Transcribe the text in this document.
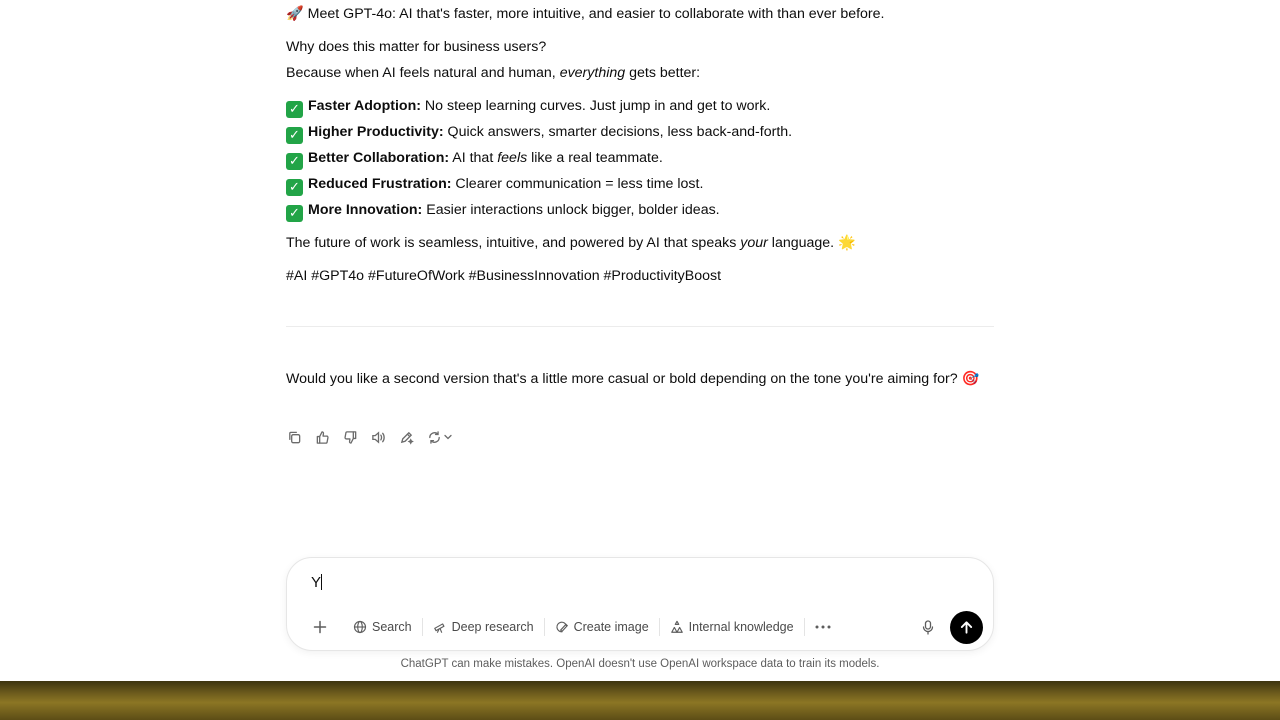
🚀 Meet GPT-4o: AI that's faster, more intuitive, and easier to collaborate with than ever before.
Why does this matter for business users?
Because when AI feels natural and human, everything gets better:
✓ Faster Adoption: No steep learning curves. Just jump in and get to work.
✓ Higher Productivity: Quick answers, smarter decisions, less back-and-forth.
✓ Better Collaboration: AI that feels like a real teammate.
✓ Reduced Frustration: Clearer communication = less time lost.
✓ More Innovation: Easier interactions unlock bigger, bolder ideas.
The future of work is seamless, intuitive, and powered by AI that speaks your language. 🌟
#AI #GPT4o #FutureOfWork #BusinessInnovation #ProductivityBoost
Would you like a second version that's a little more casual or bold depending on the tone you're aiming for? 🎯
Y
Search	Deep research	Create image	Internal knowledge
ChatGPT can make mistakes. OpenAI doesn't use OpenAI workspace data to train its models.
